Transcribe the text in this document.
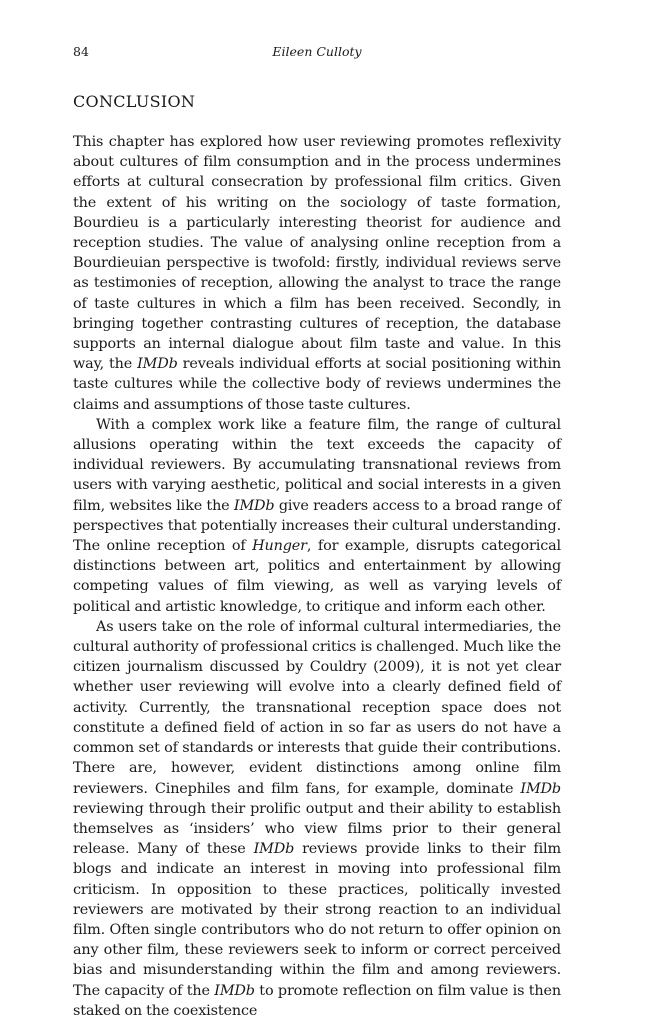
84	Eileen Culloty
CONCLUSION

This chapter has explored how user reviewing promotes reflexivity about cultures of film consumption and in the process undermines efforts at cultural consecration by professional film critics. Given the extent of his writing on the sociology of taste formation, Bourdieu is a particularly interesting theorist for audience and reception studies. The value of analysing online reception from a Bourdieuian perspective is twofold: firstly, individual reviews serve as testimonies of reception, allowing the analyst to trace the range of taste cultures in which a film has been received. Secondly, in bringing together contrasting cultures of reception, the database supports an internal dialogue about film taste and value. In this way, the IMDb reveals individual efforts at social positioning within taste cultures while the collective body of reviews undermines the claims and assumptions of those taste cultures.

With a complex work like a feature film, the range of cultural allusions operating within the text exceeds the capacity of individual reviewers. By accumulating transnational reviews from users with varying aesthetic, political and social interests in a given film, websites like the IMDb give readers access to a broad range of perspectives that potentially increases their cultural understanding. The online reception of Hunger, for example, disrupts categorical distinctions between art, politics and entertainment by allowing competing values of film viewing, as well as varying levels of political and artistic knowledge, to critique and inform each other.

As users take on the role of informal cultural intermediaries, the cultural authority of professional critics is challenged. Much like the citizen journalism discussed by Couldry (2009), it is not yet clear whether user reviewing will evolve into a clearly defined field of activity. Currently, the transnational reception space does not constitute a defined field of action in so far as users do not have a common set of standards or interests that guide their contributions. There are, however, evident distinctions among online film reviewers. Cinephiles and film fans, for example, dominate IMDb reviewing through their prolific output and their ability to establish themselves as ‘insiders’ who view films prior to their general release. Many of these IMDb reviews provide links to their film blogs and indicate an interest in moving into professional film criticism. In opposition to these practices, politically invested reviewers are motivated by their strong reaction to an individual film. Often single contributors who do not return to offer opinion on any other film, these reviewers seek to inform or correct perceived bias and misunderstanding within the film and among reviewers. The capacity of the IMDb to promote reflection on film value is then staked on the coexistence
